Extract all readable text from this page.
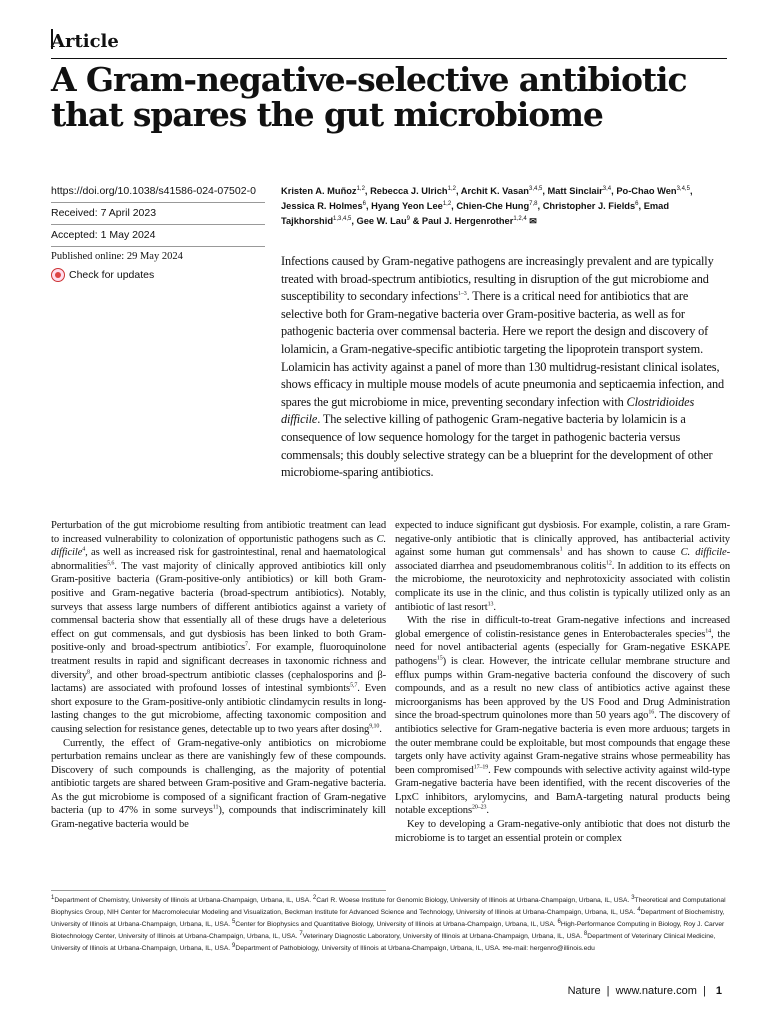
Article
A Gram-negative-selective antibiotic that spares the gut microbiome
https://doi.org/10.1038/s41586-024-07502-0
Received: 7 April 2023
Accepted: 1 May 2024
Published online: 29 May 2024
Check for updates
Kristen A. Muñoz$^{1,2}$, Rebecca J. Ulrich$^{1,2}$, Archit K. Vasan$^{3,4,5}$, Matt Sinclair$^{3,4}$, Po-Chao Wen$^{3,4,5}$, Jessica R. Holmes$^6$, Hyang Yeon Lee$^{1,2}$, Chien-Che Hung$^{7,8}$, Christopher J. Fields$^6$, Emad Tajkhorshid$^{1,3,4,5}$, Gee W. Lau$^9$ & Paul J. Hergenrother$^{1,2,4}$ ✉

Infections caused by Gram-negative pathogens are increasingly prevalent and are typically treated with broad-spectrum antibiotics, resulting in disruption of the gut microbiome and susceptibility to secondary infections$^{1-3}$. There is a critical need for antibiotics that are selective both for Gram-negative bacteria over Gram-positive bacteria, as well as for pathogenic bacteria over commensal bacteria. Here we report the design and discovery of lolamicin, a Gram-negative-specific antibiotic targeting the lipoprotein transport system. Lolamicin has activity against a panel of more than 130 multidrug-resistant clinical isolates, shows efficacy in multiple mouse models of acute pneumonia and septicaemia infection, and spares the gut microbiome in mice, preventing secondary infection with Clostridioides difficile. The selective killing of pathogenic Gram-negative bacteria by lolamicin is a consequence of low sequence homology for the target in pathogenic bacteria versus commensals; this doubly selective strategy can be a blueprint for the development of other microbiome-sparing antibiotics.

Perturbation of the gut microbiome resulting from antibiotic treatment can lead to increased vulnerability to colonization of opportunistic pathogens such as C. difficile$^4$, as well as increased risk for gastrointestinal, renal and haematological abnormalities$^{5,6}$. The vast majority of clinically approved antibiotics kill only Gram-positive bacteria (Gram-positive-only antibiotics) or kill both Gram-positive and Gram-negative bacteria (broad-spectrum antibiotics). Notably, surveys that assess large numbers of different antibiotics against a variety of commensal bacteria show that essentially all of these drugs have a deleterious effect on gut commensals, and gut dysbiosis has been linked to both Gram-positive-only and broad-spectrum antibiotics$^7$. For example, fluoroquinolone treatment results in rapid and significant decreases in taxonomic richness and diversity$^8$, and other broad-spectrum antibiotic classes (cephalosporins and β-lactams) are associated with profound losses of intestinal symbionts$^{5,7}$. Even short exposure to the Gram-positive-only antibiotic clindamycin results in long-lasting changes to the gut microbiome, affecting taxonomic composition and causing selection for resistance genes, detectable up to two years after dosing$^{9,10}$.

Currently, the effect of Gram-negative-only antibiotics on microbiome perturbation remains unclear as there are vanishingly few of these compounds. Discovery of such compounds is challenging, as the majority of potential antibiotic targets are shared between Gram-positive and Gram-negative bacteria. As the gut microbiome is composed of a significant fraction of Gram-negative bacteria (up to 47% in some surveys$^{11}$), compounds that indiscriminately kill Gram-negative bacteria would be

expected to induce significant gut dysbiosis. For example, colistin, a rare Gram-negative-only antibiotic that is clinically approved, has antibacterial activity against some human gut commensals$^1$ and has shown to cause C. difficile-associated diarrhea and pseudomembranous colitis$^{12}$. In addition to its effects on the microbiome, the neurotoxicity and nephrotoxicity associated with colistin complicate its use in the clinic, and thus colistin is typically utilized only as an antibiotic of last resort$^{13}$.

With the rise in difficult-to-treat Gram-negative infections and increased global emergence of colistin-resistance genes in Enterobacterales species$^{14}$, the need for novel antibacterial agents (especially for Gram-negative ESKAPE pathogens$^{15}$) is clear. However, the intricate cellular membrane structure and efflux pumps within Gram-negative bacteria confound the discovery of such compounds, and as a result no new class of antibiotics active against these microorganisms has been approved by the US Food and Drug Administration since the broad-spectrum quinolones more than 50 years ago$^{16}$. The discovery of antibiotics selective for Gram-negative bacteria is even more arduous; targets in the outer membrane could be exploitable, but most compounds that engage these targets only have activity against Gram-negative strains whose permeability has been compromised$^{17-19}$. Few compounds with selective activity against wild-type Gram-negative bacteria have been identified, with the recent discoveries of the LpxC inhibitors, arylomycins, and BamA-targeting natural products being notable exceptions$^{20-23}$.

Key to developing a Gram-negative-only antibiotic that does not disturb the microbiome is to target an essential protein or complex

$^1$Department of Chemistry, University of Illinois at Urbana-Champaign, Urbana, IL, USA. $^2$Carl R. Woese Institute for Genomic Biology, University of Illinois at Urbana-Champaign, Urbana, IL, USA. $^3$Theoretical and Computational Biophysics Group, NIH Center for Macromolecular Modeling and Visualization, Beckman Institute for Advanced Science and Technology, University of Illinois at Urbana-Champaign, Urbana, IL, USA. $^4$Department of Biochemistry, University of Illinois at Urbana-Champaign, Urbana, IL, USA. $^5$Center for Biophysics and Quantitative Biology, University of Illinois at Urbana-Champaign, Urbana, IL, USA. $^6$High-Performance Computing in Biology, Roy J. Carver Biotechnology Center, University of Illinois at Urbana-Champaign, Urbana, IL, USA. $^7$Veterinary Diagnostic Laboratory, University of Illinois at Urbana-Champaign, Urbana, IL, USA. $^8$Department of Veterinary Clinical Medicine, University of Illinois at Urbana-Champaign, Urbana, IL, USA. $^9$Department of Pathobiology, University of Illinois at Urbana-Champaign, Urbana, IL, USA. ✉e-mail: hergenro@illinois.edu
Nature | www.nature.com | 1
